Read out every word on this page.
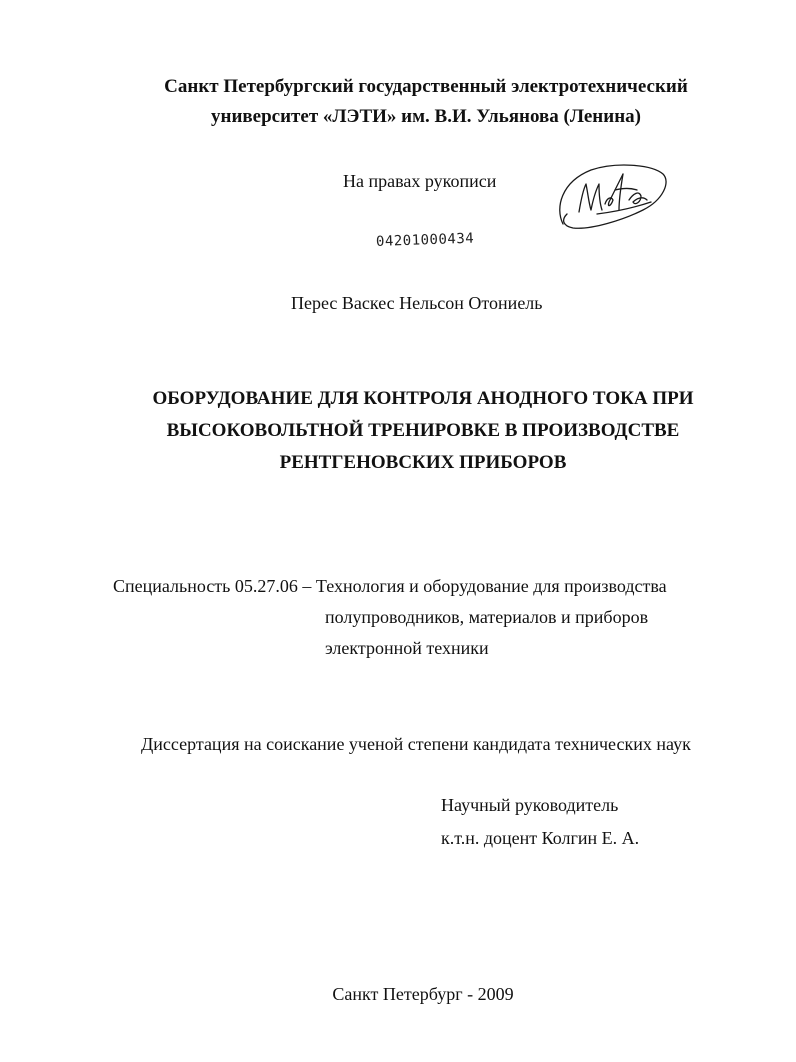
Санкт Петербургский государственный электротехнический
университет «ЛЭТИ» им. В.И. Ульянова (Ленина)
На правах рукописи
04201000434
Перес Васкес Нельсон Отониель
ОБОРУДОВАНИЕ ДЛЯ КОНТРОЛЯ АНОДНОГО ТОКА ПРИ
ВЫСОКОВОЛЬТНОЙ ТРЕНИРОВКЕ В ПРОИЗВОДСТВЕ
РЕНТГЕНОВСКИХ ПРИБОРОВ
Специальность 05.27.06 – Технология и оборудование для производства
полупроводников, материалов и приборов
электронной техники
Диссертация на соискание ученой степени кандидата технических наук
Научный руководитель
к.т.н. доцент Колгин Е. А.
Санкт Петербург - 2009
